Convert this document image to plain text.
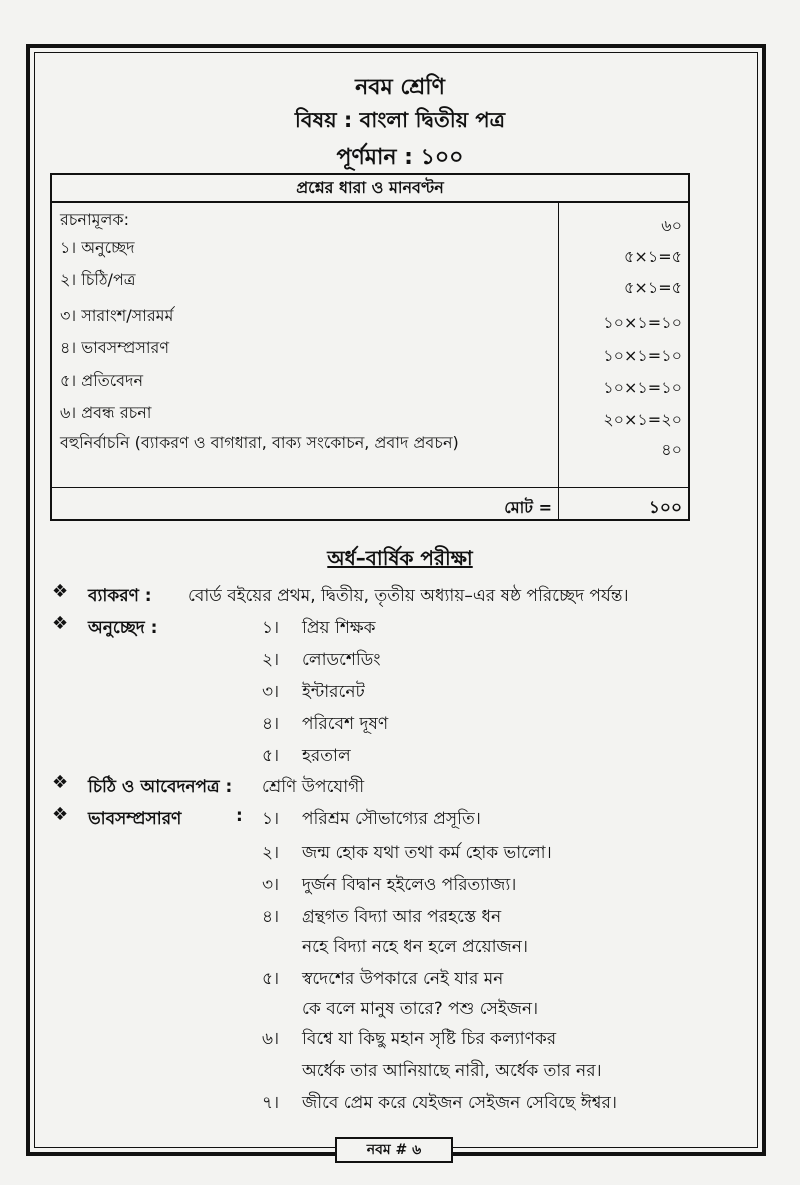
নবম শ্রেণি
বিষয় : বাংলা দ্বিতীয় পত্র
পূর্ণমান : ১০০
প্রশ্নের ধারা ও মানবণ্টন
রচনামূলক:	৬০
১। অনুচ্ছেদ	৫×১=৫
২। চিঠি/পত্র	৫×১=৫
৩। সারাংশ/সারমর্ম	১০×১=১০
৪। ভাবসম্প্রসারণ	১০×১=১০
৫। প্রতিবেদন	১০×১=১০
৬। প্রবন্ধ রচনা	২০×১=২০
বহুনির্বাচনি (ব্যাকরণ ও বাগধারা, বাক্য সংকোচন, প্রবাদ প্রবচন)	৪০
মোট =	১০০
অর্ধ–বার্ষিক পরীক্ষা
❖ ব্যাকরণ : বোর্ড বইয়ের প্রথম, দ্বিতীয়, তৃতীয় অধ্যায়–এর ষষ্ঠ পরিচ্ছেদ পর্যন্ত।
❖ অনুচ্ছেদ :	১। প্রিয় শিক্ষক
২। লোডশেডিং
৩। ইন্টারনেট
৪। পরিবেশ দূষণ
৫। হরতাল
❖ চিঠি ও আবেদনপত্র : শ্রেণি উপযোগী
❖ ভাবসম্প্রসারণ	: ১। পরিশ্রম সৌভাগ্যের প্রসূতি।
২। জন্ম হোক যথা তথা কর্ম হোক ভালো।
৩। দুর্জন বিদ্বান হইলেও পরিত্যাজ্য।
৪। গ্রন্থগত বিদ্যা আর পরহস্তে ধন
নহে বিদ্যা নহে ধন হলে প্রয়োজন।
৫। স্বদেশের উপকারে নেই যার মন
কে বলে মানুষ তারে? পশু সেইজন।
৬। বিশ্বে যা কিছু মহান সৃষ্টি চির কল্যাণকর
অর্ধেক তার আনিয়াছে নারী, অর্ধেক তার নর।
৭। জীবে প্রেম করে যেইজন সেইজন সেবিছে ঈশ্বর।
নবম # ৬
